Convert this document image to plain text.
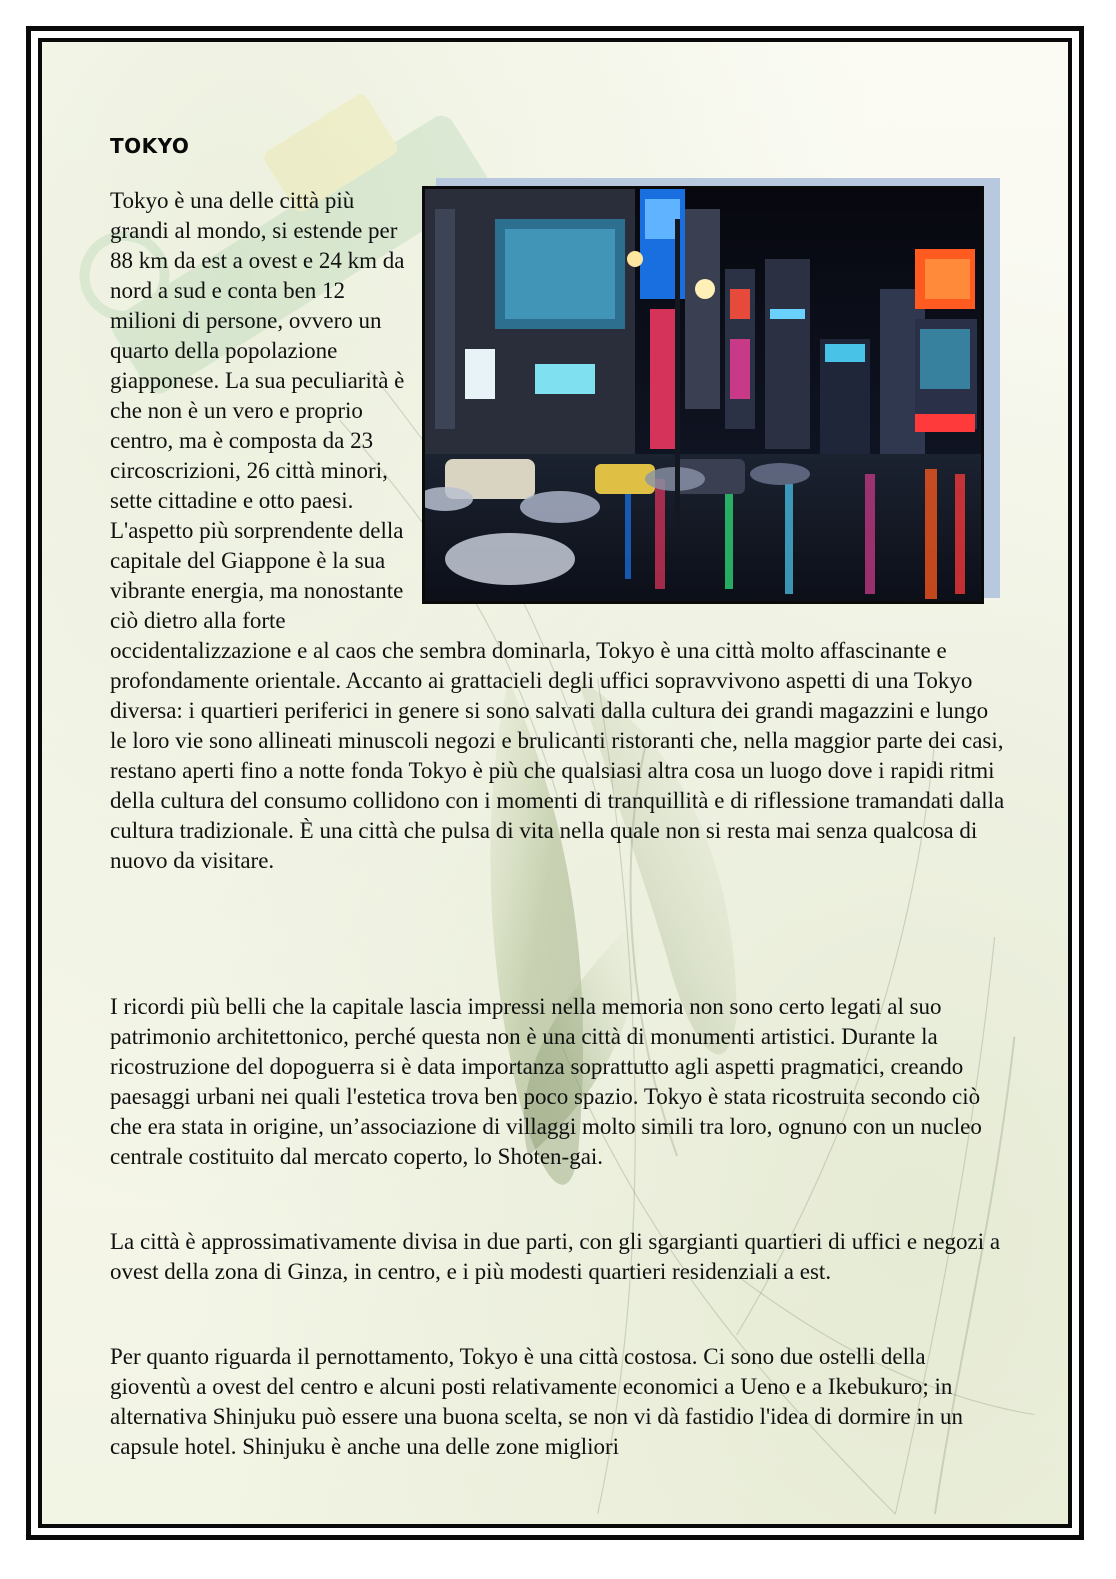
TOKYO

Tokyo è una delle città più grandi al mondo, si estende per 88 km da est a ovest e 24 km da nord a sud e conta ben 12 milioni di persone, ovvero un quarto della popolazione giapponese. La sua peculiarità è che non è un vero e proprio centro, ma è composta da 23 circoscrizioni, 26 città minori, sette cittadine e otto paesi. L'aspetto più sorprendente della capitale del Giappone è la sua vibrante energia, ma nonostante ciò dietro alla forte occidentalizzazione e al caos che sembra dominarla, Tokyo è una città molto affascinante e profondamente orientale. Accanto ai grattacieli degli uffici sopravvivono aspetti di una Tokyo diversa: i quartieri periferici in genere si sono salvati dalla cultura dei grandi magazzini e lungo le loro vie sono allineati minuscoli negozi e brulicanti ristoranti che, nella maggior parte dei casi, restano aperti fino a notte fonda Tokyo è più che qualsiasi altra cosa un luogo dove i rapidi ritmi della cultura del consumo collidono con i momenti di tranquillità e di riflessione tramandati dalla cultura tradizionale. È una città che pulsa di vita nella quale non si resta mai senza qualcosa di nuovo da visitare.

I ricordi più belli che la capitale lascia impressi nella memoria non sono certo legati al suo patrimonio architettonico, perché questa non è una città di monumenti artistici. Durante la ricostruzione del dopoguerra si è data importanza soprattutto agli aspetti pragmatici, creando paesaggi urbani nei quali l'estetica trova ben poco spazio. Tokyo è stata ricostruita secondo ciò che era stata in origine, un’associazione di villaggi molto simili tra loro, ognuno con un nucleo centrale costituito dal mercato coperto, lo Shoten-gai.

La città è approssimativamente divisa in due parti, con gli sgargianti quartieri di uffici e negozi a ovest della zona di Ginza, in centro, e i più modesti quartieri residenziali a est.

Per quanto riguarda il pernottamento, Tokyo è una città costosa. Ci sono due ostelli della gioventù a ovest del centro e alcuni posti relativamente economici a Ueno e a Ikebukuro; in alternativa Shinjuku può essere una buona scelta, se non vi dà fastidio l'idea di dormire in un capsule hotel. Shinjuku è anche una delle zone migliori
